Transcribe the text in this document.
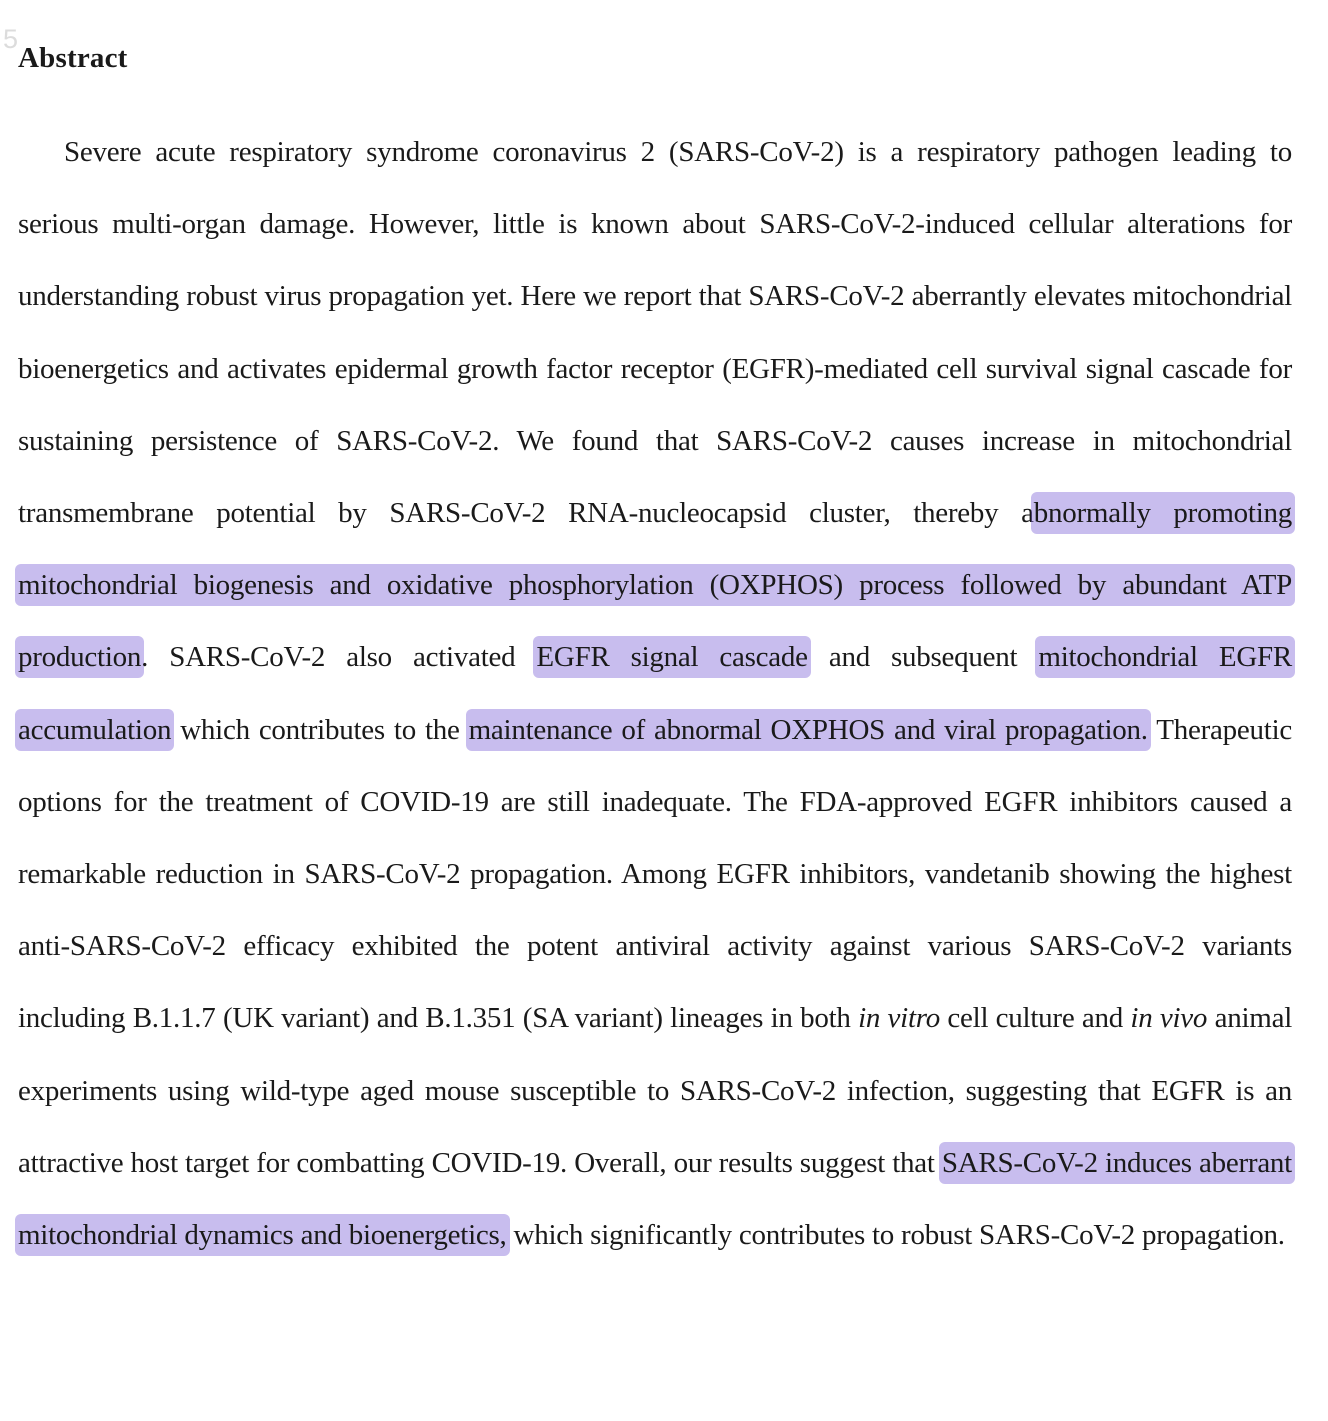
5
Abstract

Severe acute respiratory syndrome coronavirus 2 (SARS-CoV-2) is a respiratory pathogen leading to serious multi-organ damage. However, little is known about SARS-CoV-2-induced cellular alterations for understanding robust virus propagation yet. Here we report that SARS-CoV-2 aberrantly elevates mitochondrial bioenergetics and activates epidermal growth factor receptor (EGFR)-mediated cell survival signal cascade for sustaining persistence of SARS-CoV-2. We found that SARS-CoV-2 causes increase in mitochondrial transmembrane potential by SARS-CoV-2 RNA-nucleocapsid cluster, thereby abnormally promoting mitochondrial biogenesis and oxidative phosphorylation (OXPHOS) process followed by abundant ATP production. SARS-CoV-2 also activated EGFR signal cascade and subsequent mitochondrial EGFR accumulation which contributes to the maintenance of abnormal OXPHOS and viral propagation. Therapeutic options for the treatment of COVID-19 are still inadequate. The FDA-approved EGFR inhibitors caused a remarkable reduction in SARS-CoV-2 propagation. Among EGFR inhibitors, vandetanib showing the highest anti-SARS-CoV-2 efficacy exhibited the potent antiviral activity against various SARS-CoV-2 variants including B.1.1.7 (UK variant) and B.1.351 (SA variant) lineages in both in vitro cell culture and in vivo animal experiments using wild-type aged mouse susceptible to SARS-CoV-2 infection, suggesting that EGFR is an attractive host target for combatting COVID-19. Overall, our results suggest that SARS-CoV-2 induces aberrant mitochondrial dynamics and bioenergetics, which significantly contributes to robust SARS-CoV-2 propagation.
